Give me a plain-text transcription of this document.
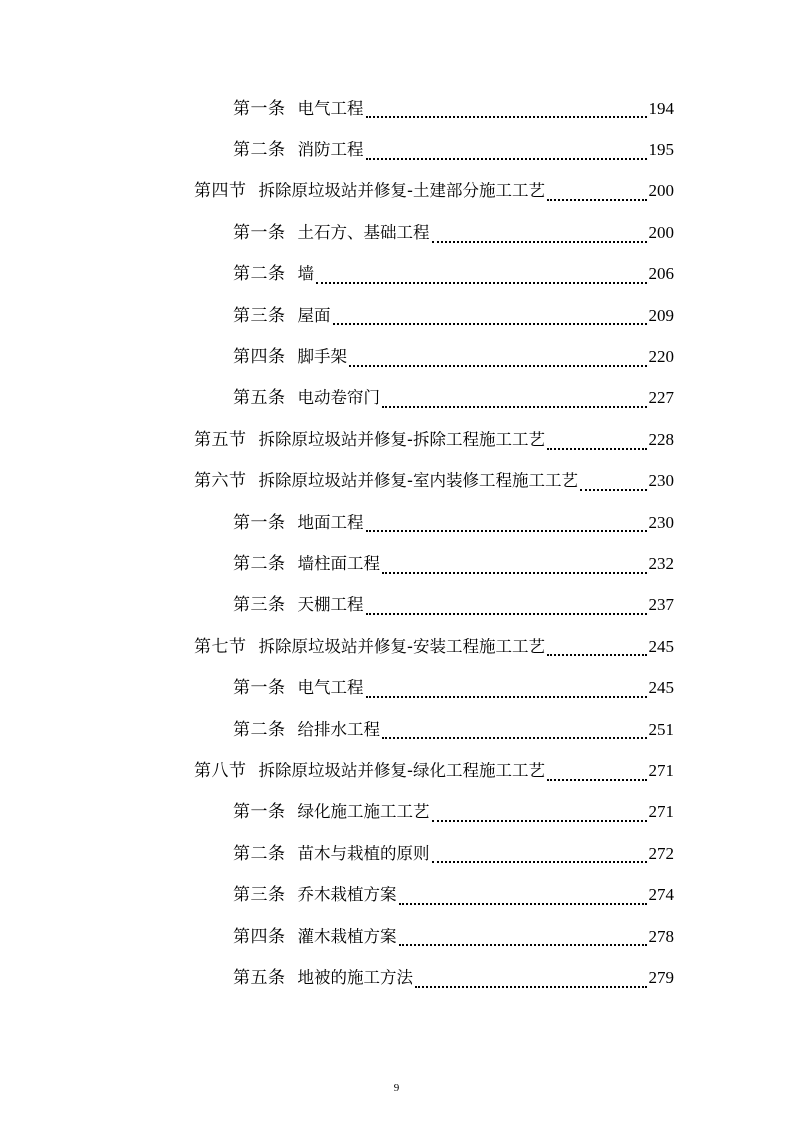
第一条 电气工程	194
第二条 消防工程	195
第四节 拆除原垃圾站并修复-土建部分施工工艺	200
第一条 土石方、基础工程	200
第二条 墙	206
第三条 屋面	209
第四条 脚手架	220
第五条 电动卷帘门	227
第五节 拆除原垃圾站并修复-拆除工程施工工艺	228
第六节 拆除原垃圾站并修复-室内装修工程施工工艺	230
第一条 地面工程	230
第二条 墙柱面工程	232
第三条 天棚工程	237
第七节 拆除原垃圾站并修复-安装工程施工工艺	245
第一条 电气工程	245
第二条 给排水工程	251
第八节 拆除原垃圾站并修复-绿化工程施工工艺	271
第一条 绿化施工施工工艺	271
第二条 苗木与栽植的原则	272
第三条 乔木栽植方案	274
第四条 灌木栽植方案	278
第五条 地被的施工方法	279
9
